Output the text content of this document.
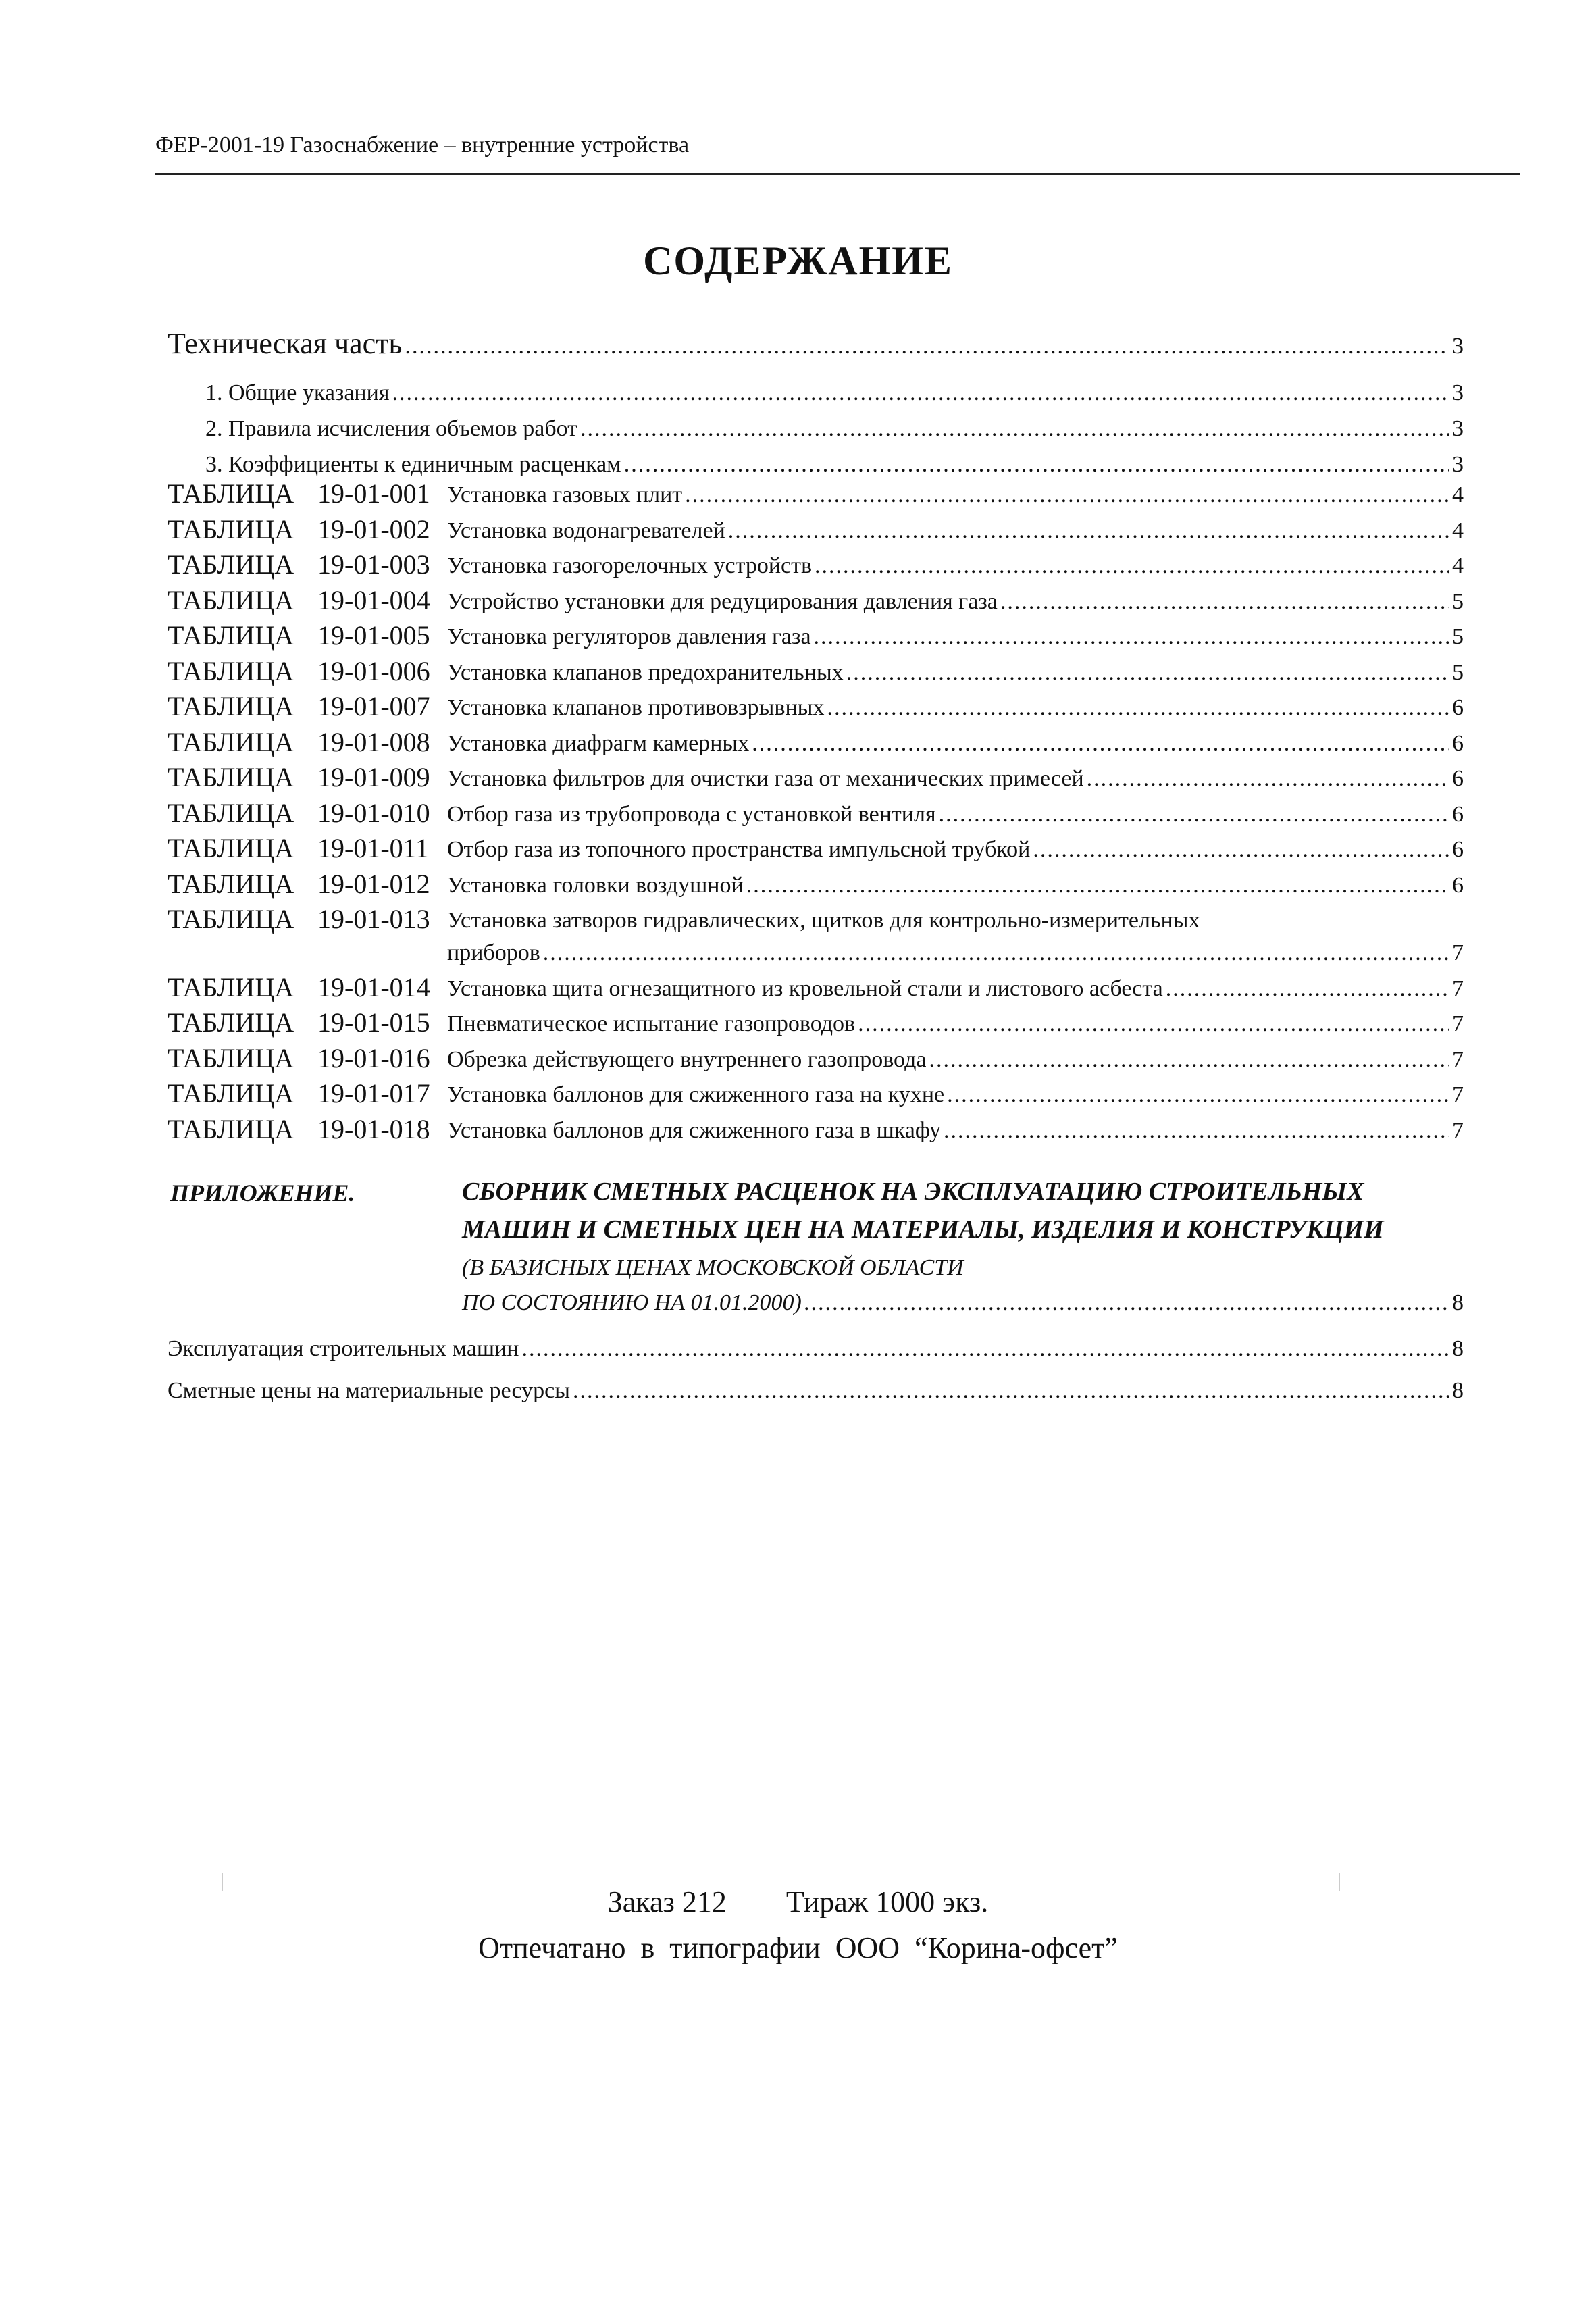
ФЕР-2001-19 Газоснабжение – внутренние устройства
СОДЕРЖАНИЕ
Техническая часть .....	3
1. Общие указания .....	3
2. Правила исчисления объемов работ .....	3
3. Коэффициенты к единичным расценкам .....	3
ТАБЛИЦА 19-01-001 Установка газовых плит .....	4
ТАБЛИЦА 19-01-002 Установка водонагревателей .....	4
ТАБЛИЦА 19-01-003 Установка газогорелочных устройств .....	4
ТАБЛИЦА 19-01-004 Устройство установки для редуцирования давления газа .....	5
ТАБЛИЦА 19-01-005 Установка регуляторов давления газа .....	5
ТАБЛИЦА 19-01-006 Установка клапанов предохранительных .....	5
ТАБЛИЦА 19-01-007 Установка клапанов противовзрывных .....	6
ТАБЛИЦА 19-01-008 Установка диафрагм камерных .....	6
ТАБЛИЦА 19-01-009 Установка фильтров для очистки газа от механических примесей .....	6
ТАБЛИЦА 19-01-010 Отбор газа из трубопровода с установкой вентиля .....	6
ТАБЛИЦА 19-01-011 Отбор газа из топочного пространства импульсной трубкой .....	6
ТАБЛИЦА 19-01-012 Установка головки воздушной .....	6
ТАБЛИЦА 19-01-013 Установка затворов гидравлических, щитков для контрольно-измерительных
приборов .....	7
ТАБЛИЦА 19-01-014 Установка щита огнезащитного из кровельной стали и листового асбеста .....	7
ТАБЛИЦА 19-01-015 Пневматическое испытание газопроводов .....	7
ТАБЛИЦА 19-01-016 Обрезка действующего внутреннего газопровода .....	7
ТАБЛИЦА 19-01-017 Установка баллонов для сжиженного газа на кухне .....	7
ТАБЛИЦА 19-01-018 Установка баллонов для сжиженного газа в шкафу .....	7
ПРИЛОЖЕНИЕ.	СБОРНИК СМЕТНЫХ РАСЦЕНОК НА ЭКСПЛУАТАЦИЮ СТРОИТЕЛЬНЫХ
МАШИН И СМЕТНЫХ ЦЕН НА МАТЕРИАЛЫ, ИЗДЕЛИЯ И КОНСТРУКЦИИ
(В БАЗИСНЫХ ЦЕНАХ МОСКОВСКОЙ ОБЛАСТИ
ПО СОСТОЯНИЮ НА 01.01.2000) .....	8
Эксплуатация строительных машин .....	8
Сметные цены на материальные ресурсы .....	8
Заказ 212        Тираж 1000 экз.
Отпечатано  в  типографии  ООО  “Корина-офсет”
